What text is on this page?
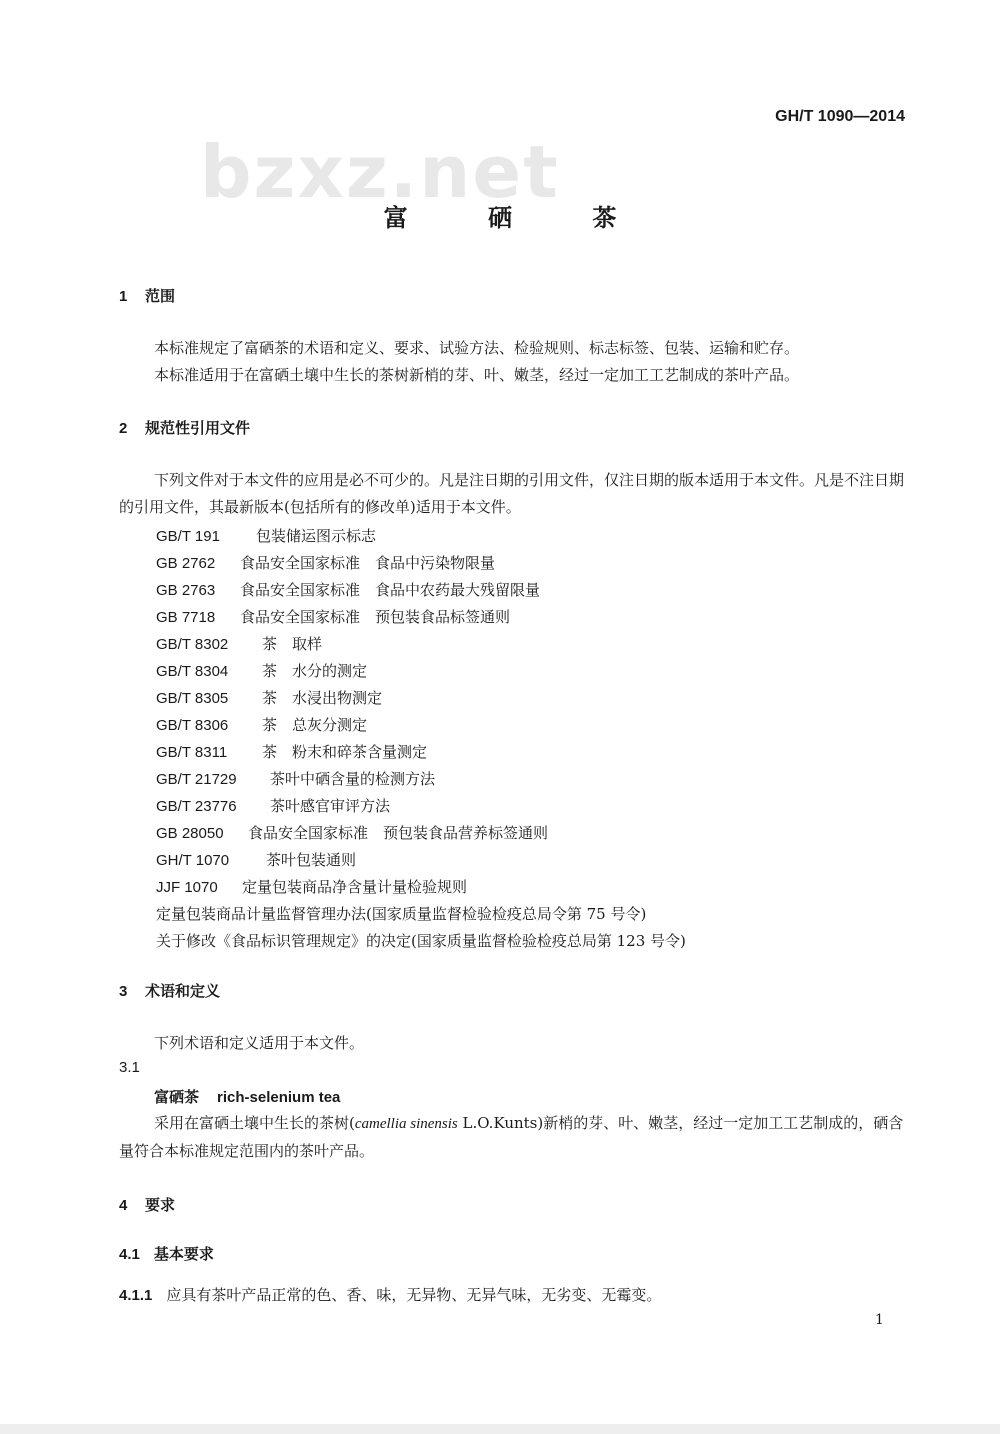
GH/T 1090—2014
bzxz.net
富 硒 茶
1 范围
本标准规定了富硒茶的术语和定义、要求、试验方法、检验规则、标志标签、包装、运输和贮存。
本标准适用于在富硒土壤中生长的茶树新梢的芽、叶、嫩茎，经过一定加工工艺制成的茶叶产品。
2 规范性引用文件
下列文件对于本文件的应用是必不可少的。凡是注日期的引用文件，仅注日期的版本适用于本文件。凡是不注日期的引用文件，其最新版本(包括所有的修改单)适用于本文件。
GB/T 191 包装储运图示标志
GB 2762 食品安全国家标准　食品中污染物限量
GB 2763 食品安全国家标准　食品中农药最大残留限量
GB 7718 食品安全国家标准　预包装食品标签通则
GB/T 8302 茶　取样
GB/T 8304 茶　水分的测定
GB/T 8305 茶　水浸出物测定
GB/T 8306 茶　总灰分测定
GB/T 8311 茶　粉末和碎茶含量测定
GB/T 21729 茶叶中硒含量的检测方法
GB/T 23776 茶叶感官审评方法
GB 28050 食品安全国家标准　预包装食品营养标签通则
GH/T 1070 茶叶包装通则
JJF 1070 定量包装商品净含量计量检验规则
定量包装商品计量监督管理办法(国家质量监督检验检疫总局令第 75 号令)
关于修改《食品标识管理规定》的决定(国家质量监督检验检疫总局第 123 号令)
3 术语和定义
下列术语和定义适用于本文件。
3.1
富硒茶 rich-selenium tea
采用在富硒土壤中生长的茶树(camellia sinensis L.O.Kunts)新梢的芽、叶、嫩茎，经过一定加工工艺制成的，硒含量符合本标准规定范围内的茶叶产品。
4 要求
4.1 基本要求
4.1.1 应具有茶叶产品正常的色、香、味，无异物、无异气味，无劣变、无霉变。
1
